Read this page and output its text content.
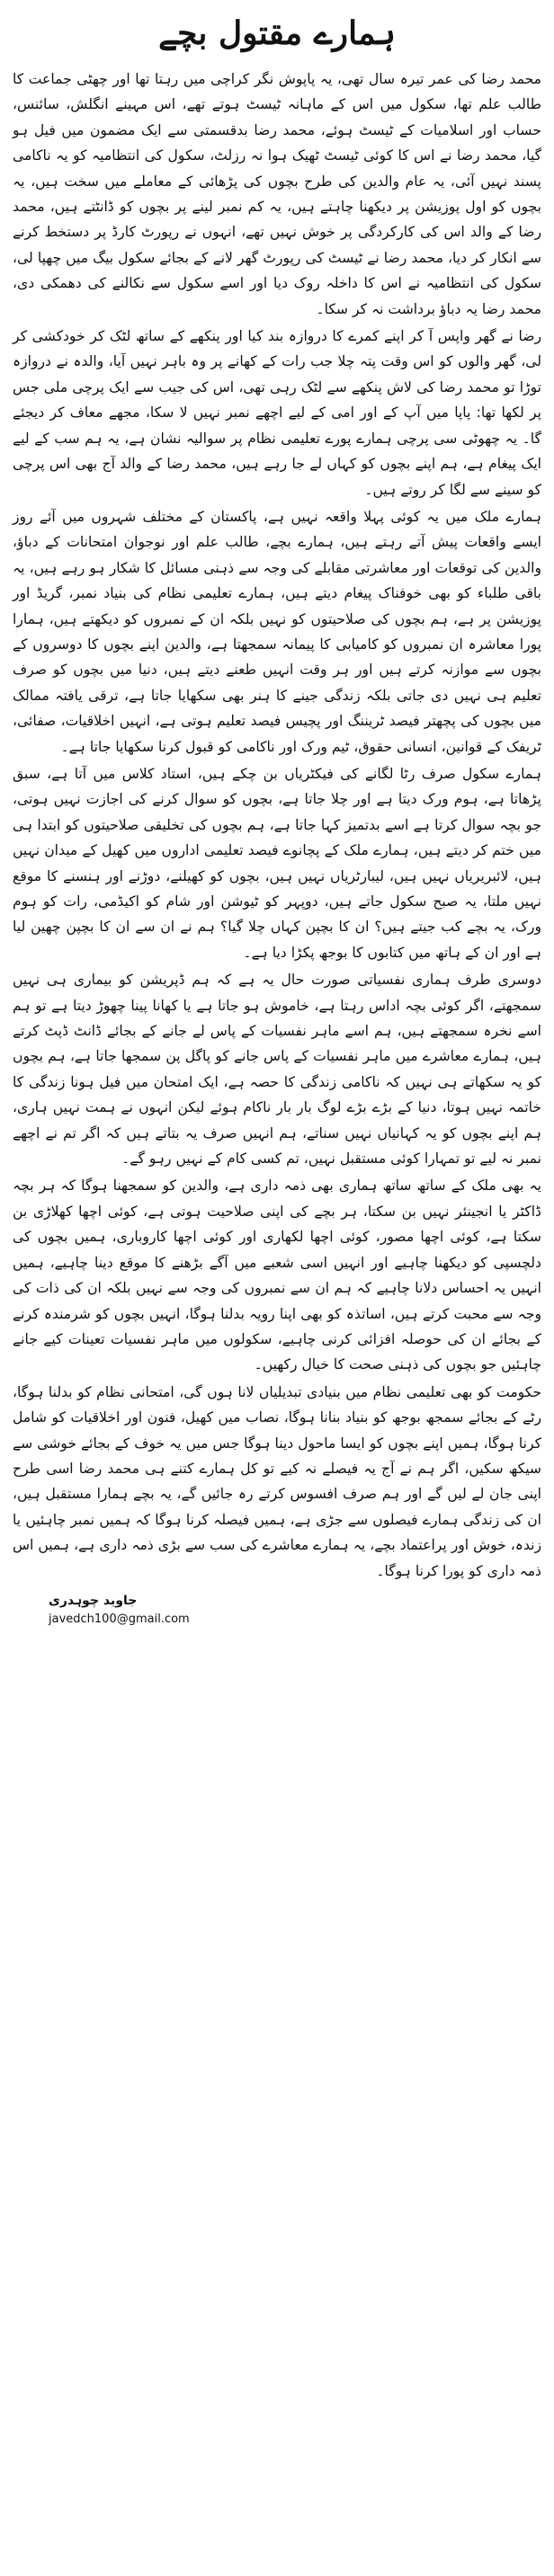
ہمارے مقتول بچے

محمد رضا کی عمر تیرہ سال تھی، یہ پاپوش نگر کراچی میں رہتا تھا اور چھٹی جماعت کا طالب علم تھا، سکول میں اس کے ماہانہ ٹیسٹ ہوتے تھے، اس مہینے انگلش، سائنس، حساب اور اسلامیات کے ٹیسٹ ہوئے، محمد رضا بدقسمتی سے ایک مضمون میں فیل ہو گیا، محمد رضا نے اس کا کوئی ٹیسٹ ٹھیک ہوا نہ رزلٹ، سکول کی انتظامیہ کو یہ ناکامی پسند نہیں آئی، یہ عام والدین کی طرح بچوں کی پڑھائی کے معاملے میں سخت ہیں، یہ بچوں کو اول پوزیشن پر دیکھنا چاہتے ہیں، یہ کم نمبر لینے پر بچوں کو ڈانٹتے ہیں، محمد رضا کے والد اس کی کارکردگی پر خوش نہیں تھے، انہوں نے رپورٹ کارڈ پر دستخط کرنے سے انکار کر دیا، محمد رضا نے ٹیسٹ کی رپورٹ گھر لانے کے بجائے سکول بیگ میں چھپا لی، سکول کی انتظامیہ نے اس کا داخلہ روک دیا اور اسے سکول سے نکالنے کی دھمکی دی، محمد رضا یہ دباؤ برداشت نہ کر سکا۔

رضا نے گھر واپس آ کر اپنے کمرے کا دروازہ بند کیا اور پنکھے کے ساتھ لٹک کر خودکشی کر لی، گھر والوں کو اس وقت پتہ چلا جب رات کے کھانے پر وہ باہر نہیں آیا، والدہ نے دروازہ توڑا تو محمد رضا کی لاش پنکھے سے لٹک رہی تھی، اس کی جیب سے ایک پرچی ملی جس پر لکھا تھا: پاپا میں آپ کے اور امی کے لیے اچھے نمبر نہیں لا سکا، مجھے معاف کر دیجئے گا۔ یہ چھوٹی سی پرچی ہمارے پورے تعلیمی نظام پر سوالیہ نشان ہے، یہ ہم سب کے لیے ایک پیغام ہے، ہم اپنے بچوں کو کہاں لے جا رہے ہیں، محمد رضا کے والد آج بھی اس پرچی کو سینے سے لگا کر روتے ہیں۔

ہمارے ملک میں یہ کوئی پہلا واقعہ نہیں ہے، پاکستان کے مختلف شہروں میں آئے روز ایسے واقعات پیش آتے رہتے ہیں، ہمارے بچے، طالب علم اور نوجوان امتحانات کے دباؤ، والدین کی توقعات اور معاشرتی مقابلے کی وجہ سے ذہنی مسائل کا شکار ہو رہے ہیں، یہ باقی طلباء کو بھی خوفناک پیغام دیتے ہیں، ہمارے تعلیمی نظام کی بنیاد نمبر، گریڈ اور پوزیشن پر ہے، ہم بچوں کی صلاحیتوں کو نہیں بلکہ ان کے نمبروں کو دیکھتے ہیں، ہمارا پورا معاشرہ ان نمبروں کو کامیابی کا پیمانہ سمجھتا ہے، والدین اپنے بچوں کا دوسروں کے بچوں سے موازنہ کرتے ہیں اور ہر وقت انہیں طعنے دیتے ہیں، دنیا میں بچوں کو صرف تعلیم ہی نہیں دی جاتی بلکہ زندگی جینے کا ہنر بھی سکھایا جاتا ہے، ترقی یافتہ ممالک میں بچوں کی پچھتر فیصد ٹریننگ اور پچیس فیصد تعلیم ہوتی ہے، انہیں اخلاقیات، صفائی، ٹریفک کے قوانین، انسانی حقوق، ٹیم ورک اور ناکامی کو قبول کرنا سکھایا جاتا ہے۔

ہمارے سکول صرف رٹا لگانے کی فیکٹریاں بن چکے ہیں، استاد کلاس میں آتا ہے، سبق پڑھاتا ہے، ہوم ورک دیتا ہے اور چلا جاتا ہے، بچوں کو سوال کرنے کی اجازت نہیں ہوتی، جو بچہ سوال کرتا ہے اسے بدتمیز کہا جاتا ہے، ہم بچوں کی تخلیقی صلاحیتوں کو ابتدا ہی میں ختم کر دیتے ہیں، ہمارے ملک کے پچانوے فیصد تعلیمی اداروں میں کھیل کے میدان نہیں ہیں، لائبریریاں نہیں ہیں، لیبارٹریاں نہیں ہیں، بچوں کو کھیلنے، دوڑنے اور ہنسنے کا موقع نہیں ملتا، یہ صبح سکول جاتے ہیں، دوپہر کو ٹیوشن اور شام کو اکیڈمی، رات کو ہوم ورک، یہ بچے کب جیتے ہیں؟ ان کا بچپن کہاں چلا گیا؟ ہم نے ان سے ان کا بچپن چھین لیا ہے اور ان کے ہاتھ میں کتابوں کا بوجھ پکڑا دیا ہے۔

دوسری طرف ہماری نفسیاتی صورت حال یہ ہے کہ ہم ڈپریشن کو بیماری ہی نہیں سمجھتے، اگر کوئی بچہ اداس رہتا ہے، خاموش ہو جاتا ہے یا کھانا پینا چھوڑ دیتا ہے تو ہم اسے نخرہ سمجھتے ہیں، ہم اسے ماہر نفسیات کے پاس لے جانے کے بجائے ڈانٹ ڈپٹ کرتے ہیں، ہمارے معاشرے میں ماہر نفسیات کے پاس جانے کو پاگل پن سمجھا جاتا ہے، ہم بچوں کو یہ سکھاتے ہی نہیں کہ ناکامی زندگی کا حصہ ہے، ایک امتحان میں فیل ہونا زندگی کا خاتمہ نہیں ہوتا، دنیا کے بڑے بڑے لوگ بار بار ناکام ہوئے لیکن انہوں نے ہمت نہیں ہاری، ہم اپنے بچوں کو یہ کہانیاں نہیں سناتے، ہم انہیں صرف یہ بتاتے ہیں کہ اگر تم نے اچھے نمبر نہ لیے تو تمہارا کوئی مستقبل نہیں، تم کسی کام کے نہیں رہو گے۔

یہ بھی ملک کے ساتھ ساتھ ہماری بھی ذمہ داری ہے، والدین کو سمجھنا ہوگا کہ ہر بچہ ڈاکٹر یا انجینئر نہیں بن سکتا، ہر بچے کی اپنی صلاحیت ہوتی ہے، کوئی اچھا کھلاڑی بن سکتا ہے، کوئی اچھا مصور، کوئی اچھا لکھاری اور کوئی اچھا کاروباری، ہمیں بچوں کی دلچسپی کو دیکھنا چاہیے اور انہیں اسی شعبے میں آگے بڑھنے کا موقع دینا چاہیے، ہمیں انہیں یہ احساس دلانا چاہیے کہ ہم ان سے نمبروں کی وجہ سے نہیں بلکہ ان کی ذات کی وجہ سے محبت کرتے ہیں، اساتذہ کو بھی اپنا رویہ بدلنا ہوگا، انہیں بچوں کو شرمندہ کرنے کے بجائے ان کی حوصلہ افزائی کرنی چاہیے، سکولوں میں ماہر نفسیات تعینات کیے جانے چاہئیں جو بچوں کی ذہنی صحت کا خیال رکھیں۔

حکومت کو بھی تعلیمی نظام میں بنیادی تبدیلیاں لانا ہوں گی، امتحانی نظام کو بدلنا ہوگا، رٹے کے بجائے سمجھ بوجھ کو بنیاد بنانا ہوگا، نصاب میں کھیل، فنون اور اخلاقیات کو شامل کرنا ہوگا، ہمیں اپنے بچوں کو ایسا ماحول دینا ہوگا جس میں یہ خوف کے بجائے خوشی سے سیکھ سکیں، اگر ہم نے آج یہ فیصلے نہ کیے تو کل ہمارے کتنے ہی محمد رضا اسی طرح اپنی جان لے لیں گے اور ہم صرف افسوس کرتے رہ جائیں گے، یہ بچے ہمارا مستقبل ہیں، ان کی زندگی ہمارے فیصلوں سے جڑی ہے، ہمیں فیصلہ کرنا ہوگا کہ ہمیں نمبر چاہئیں یا زندہ، خوش اور پراعتماد بچے، یہ ہمارے معاشرے کی سب سے بڑی ذمہ داری ہے، ہمیں اس ذمہ داری کو پورا کرنا ہوگا۔

جاوید چوہدری
javedch100@gmail.com
